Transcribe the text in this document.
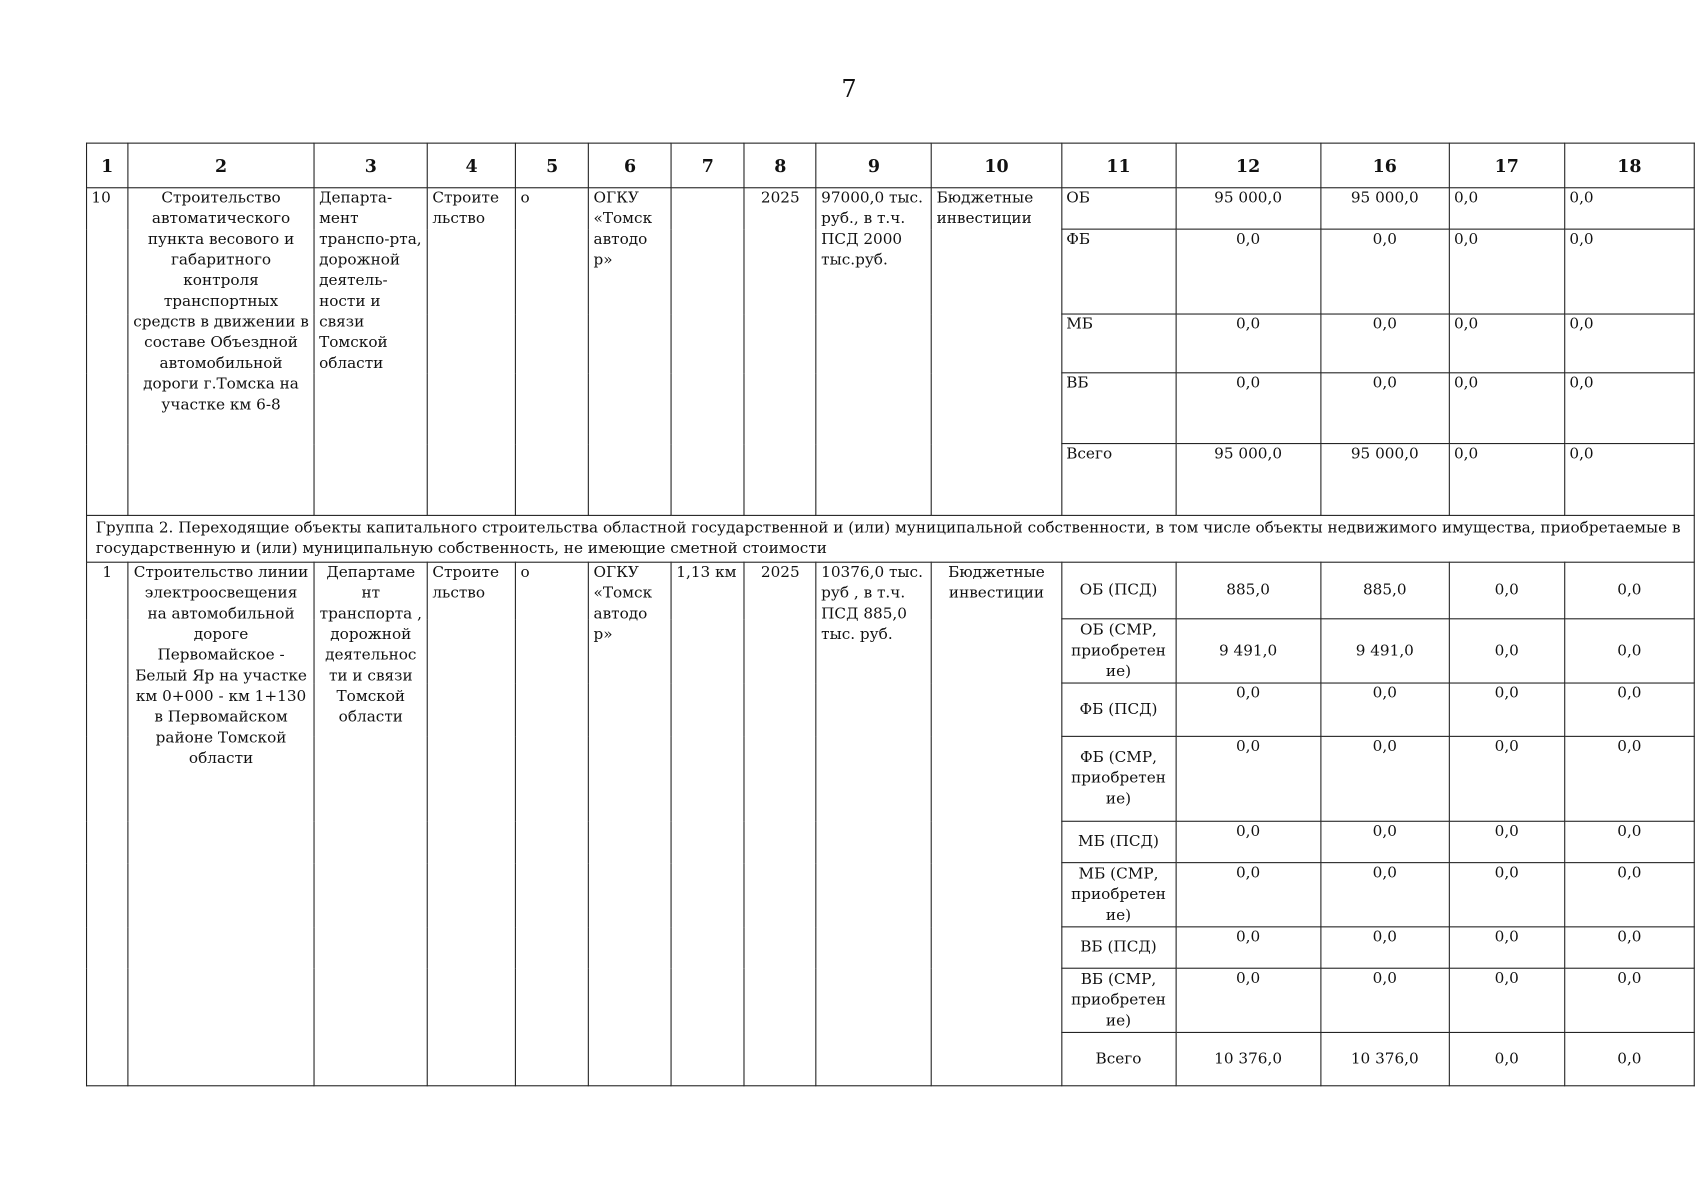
7
1	2	3	4	5	6	7	8	9	10	11	12	16	17	18
10	Строительство автоматического пункта весового и габаритного контроля транспортных средств в движении в составе Объездной автомобильной дороги г.Томска на участке км 6-8	Департа-мент транспо-рта, дорожной деятель-ности и связи Томской области	Строите льство	о	ОГКУ «Томск автодо р»		2025	97000,0 тыс. руб., в т.ч. ПСД 2000 тыс.руб.	Бюджетные инвестиции	ОБ	95 000,0	95 000,0	0,0	0,0
										ФБ	0,0	0,0	0,0	0,0
										МБ	0,0	0,0	0,0	0,0
										ВБ	0,0	0,0	0,0	0,0
										Всего	95 000,0	95 000,0	0,0	0,0
Группа 2. Переходящие объекты капитального строительства областной государственной и (или) муниципальной собственности, в том числе объекты недвижимого имущества, приобретаемые в государственную и (или) муниципальную собственность, не имеющие сметной стоимости														
1	Строительство линии электроосвещения на автомобильной дороге Первомайское - Белый Яр на участке км 0+000 - км 1+130 в Первомайском районе Томской области	Департаме нт транспорта , дорожной деятельнос ти и связи Томской области	Строите льство	о	ОГКУ «Томск автодо р»	1,13 км	2025	10376,0 тыс. руб , в т.ч. ПСД 885,0 тыс. руб.	Бюджетные инвестиции	ОБ (ПСД)	885,0	885,0	0,0	0,0
										ОБ (СМР, приобретен ие)	9 491,0	9 491,0	0,0	0,0
										ФБ (ПСД)	0,0	0,0	0,0	0,0
										ФБ (СМР, приобретен ие)	0,0	0,0	0,0	0,0
										МБ (ПСД)	0,0	0,0	0,0	0,0
										МБ (СМР, приобретен ие)	0,0	0,0	0,0	0,0
										ВБ (ПСД)	0,0	0,0	0,0	0,0
										ВБ (СМР, приобретен ие)	0,0	0,0	0,0	0,0
										Всего	10 376,0	10 376,0	0,0	0,0
